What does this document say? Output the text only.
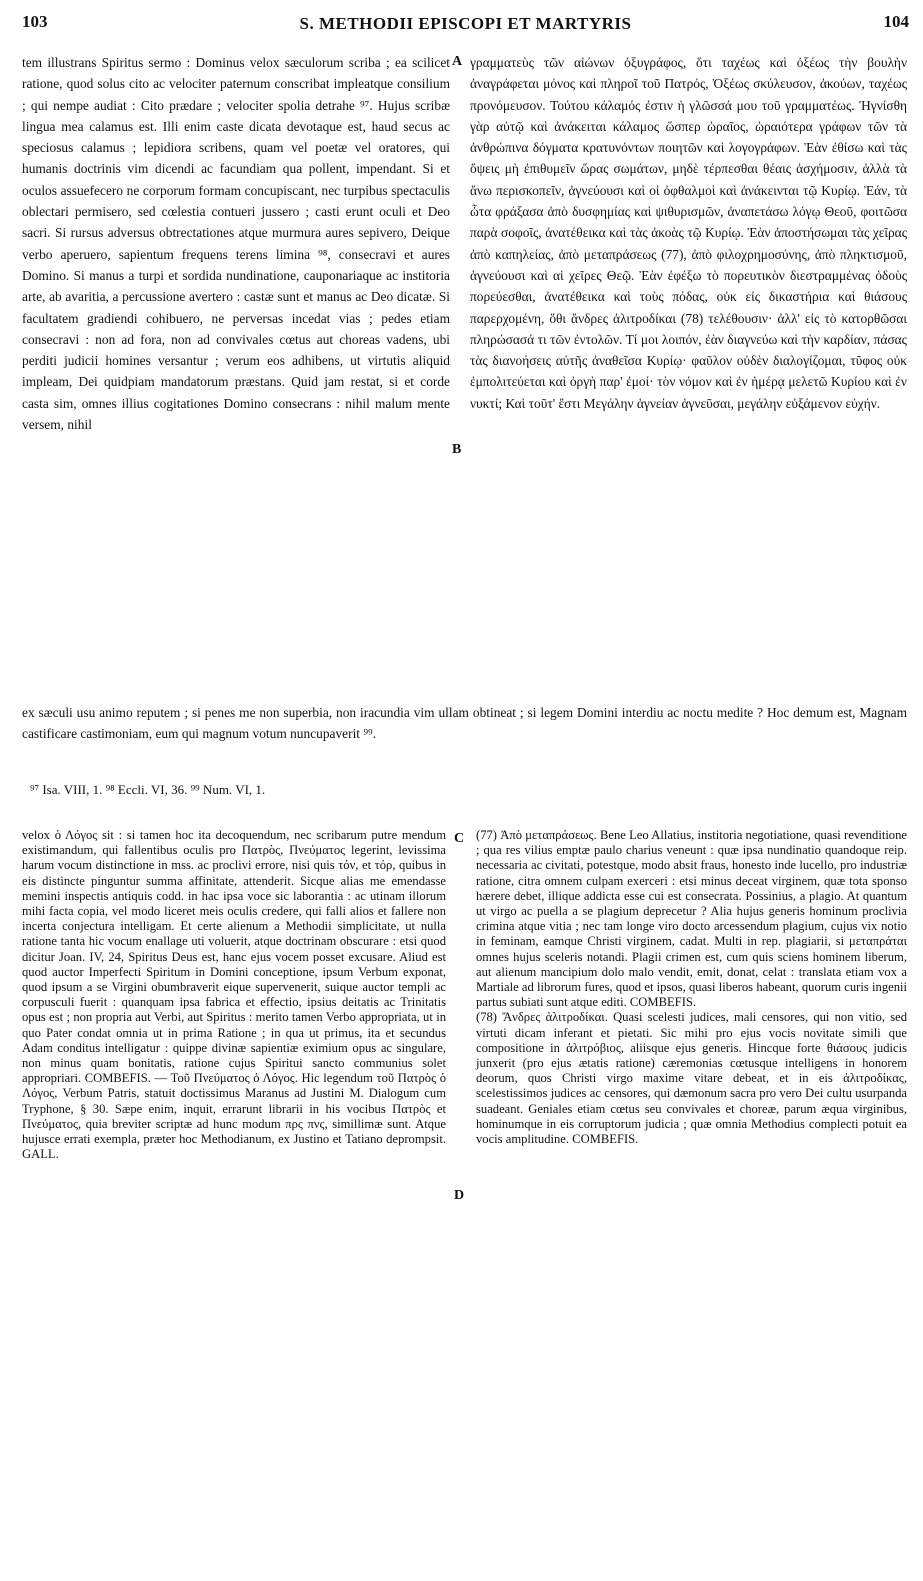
103	S. METHODII EPISCOPI ET MARTYRIS	104

tem illustrans Spiritus sermo : Dominus velox sæculorum scriba ; ea scilicet ratione, quod solus cito ac velociter paternum conscribat impleatque consilium ; qui nempe audiat : Cito prædare ; velociter spolia detrahe ⁹⁷. Hujus scribæ lingua mea calamus est. Illi enim caste dicata devotaque est, haud secus ac speciosus calamus ; lepidiora scribens, quam vel poetæ vel oratores, qui humanis doctrinis vim dicendi ac facundiam qua pollent, impendant. Si et oculos assuefecero ne corporum formam concupiscant, nec turpibus spectaculis oblectari permisero, sed cœlestia contueri jussero ; casti erunt oculi et Deo sacri. Si rursus adversus obtrectationes atque murmura aures sepivero, Deique verbo aperuero, sapientum frequens terens limina ⁹⁸, consecravi et aures Domino. Si manus a turpi et sordida nundinatione, cauponariaque ac institoria arte, ab avaritia, a percussione avertero : castæ sunt et manus ac Deo dicatæ. Si facultatem gradiendi cohibuero, ne perversas incedat vias ; pedes etiam consecravi : non ad fora, non ad convivales cœtus aut choreas vadens, ubi perditi judicii homines versantur ; verum eos adhibens, ut virtutis aliquid impleam, Dei quidpiam mandatorum præstans. Quid jam restat, si et corde casta sim, omnes illius cogitationes Domino consecrans : nihil malum mente versem, nihil

A
B

γραμματεὺς τῶν αἰώνων ὀξυγράφος, ὅτι ταχέως καὶ ὀξέως τὴν βουλὴν ἀναγράφεται μόνος καὶ πληροῖ τοῦ Πατρός, Ὀξέως σκύλευσον, ἀκούων, ταχέως προνόμευσον. Τούτου κάλαμός ἐστιν ἡ γλῶσσά μου τοῦ γραμματέως. Ἡγνίσθη γὰρ αὐτῷ καὶ ἀνάκειται κάλαμος ὥσπερ ὡραῖος, ὡραιότερα γράφων τῶν τὰ ἀνθρώπινα δόγματα κρατυνόντων ποιητῶν καὶ λογογράφων. Ἐὰν ἐθίσω καὶ τὰς ὄψεις μὴ ἐπιθυμεῖν ὥρας σωμάτων, μηδὲ τέρπεσθαι θέαις ἀσχήμοσιν, ἀλλὰ τὰ ἄνω περισκοπεῖν, ἁγνεύουσι καὶ οἱ ὀφθαλμοὶ καὶ ἀνάκεινται τῷ Κυρίῳ. Ἐάν, τὰ ὦτα φράξασα ἀπὸ δυσφημίας καὶ ψιθυρισμῶν, ἀναπετάσω λόγῳ Θεοῦ, φοιτῶσα παρὰ σοφοῖς, ἀνατέθεικα καὶ τὰς ἀκοὰς τῷ Κυρίῳ. Ἐὰν ἀποστήσωμαι τὰς χεῖρας ἀπὸ καπηλείας, ἀπὸ μεταπράσεως (77), ἀπὸ φιλοχρημοσύνης, ἀπὸ πληκτισμοῦ, ἁγνεύουσι καὶ αἱ χεῖρες Θεῷ. Ἐὰν ἐφέξω τὸ πορευτικὸν διεστραμμένας ὁδοὺς πορεύεσθαι, ἀνατέθεικα καὶ τοὺς πόδας, οὐκ εἰς δικαστήρια καὶ θιάσους παρερχομένη, ὅθι ἄνδρες ἀλιτροδίκαι (78) τελέθουσιν· ἀλλ' εἰς τὸ κατορθῶσαι πληρώσασά τι τῶν ἐντολῶν. Τί μοι λοιπόν, ἐὰν διαγνεύω καὶ τὴν καρδίαν, πάσας τὰς διανοήσεις αὐτῆς ἀναθεῖσα Κυρίῳ· φαῦλον οὐδὲν διαλογίζομαι, τῦφος οὐκ ἐμπολιτεύεται καὶ ὀργὴ παρ' ἐμοί· τὸν νόμον καὶ ἐν ἡμέρᾳ μελετῶ Κυρίου καὶ ἐν νυκτί; Καὶ τοῦτ' ἔστι Μεγάλην ἁγνείαν ἁγνεῦσαι, μεγάλην εὐξάμενον εὐχήν.

ex sæculi usu animo reputem ; si penes me non superbia, non iracundia vim ullam obtineat ; si legem Domini interdiu ac noctu medite ? Hoc demum est, Magnam castificare castimoniam, eum qui magnum votum nuncupaverit ⁹⁹.

⁹⁷ Isa. VIII, 1. ⁹⁸ Eccli. VI, 36. ⁹⁹ Num. VI, 1.

velox ὁ Λόγος sit : si tamen hoc ita decoquendum, nec scribarum putre mendum existimandum, qui fallentibus oculis pro Πατρὸς, Πνεύματος legerint, levissima harum vocum distinctione in mss. ac proclivi errore, nisi quis τόν, et τόρ, quibus in eis distincte pinguntur summa affinitate, attenderit. Sicque alias me emendasse memini inspectis antiquis codd. in hac ipsa voce sic laborantia : ac utinam illorum mihi facta copia, vel modo liceret meis oculis credere, qui falli alios et fallere non incerta conjectura intelligam. Et certe alienum a Methodii simplicitate, ut nulla ratione tanta hic vocum enallage uti voluerit, atque doctrinam obscurare : etsi quod dicitur Joan. IV, 24, Spiritus Deus est, hanc ejus vocem posset excusare. Aliud est quod auctor Imperfecti Spiritum in Domini conceptione, ipsum Verbum exponat, quod ipsum a se Virgini obumbraverit eique supervenerit, suique auctor templi ac corpusculi fuerit : quanquam ipsa fabrica et effectio, ipsius deitatis ac Trinitatis opus est ; non propria aut Verbi, aut Spiritus : merito tamen Verbo appropriata, ut in quo Pater condat omnia ut in prima Ratione ; in qua ut primus, ita et secundus Adam conditus intelligatur : quippe divinæ sapientiæ eximium opus ac singulare, non minus quam bonitatis, ratione cujus Spiritui sancto communius solet appropriari. COMBEFIS. — Τοῦ Πνεύματος ὁ Λόγος. Hic legendum τοῦ Πατρὸς ὁ Λόγος, Verbum Patris, statuit doctissimus Maranus ad Justini M. Dialogum cum Tryphone, § 30. Sæpe enim, inquit, errarunt librarii in his vocibus Πατρὸς et Πνεύματος, quia breviter scriptæ ad hunc modum πρς πνς, simillimæ sunt. Atque hujusce errati exempla, præter hoc Methodianum, ex Justino et Tatiano deprompsit. GALL.

C
D

(77) Ἀπὸ μεταπράσεως. Bene Leo Allatius, institoria negotiatione, quasi revenditione ; qua res vilius emptæ paulo charius veneunt : quæ ipsa nundinatio quandoque reip. necessaria ac civitati, potestque, modo absit fraus, honesto inde lucello, pro industriæ ratione, citra omnem culpam exerceri : etsi minus deceat virginem, quæ tota sponso hærere debet, illique addicta esse cui est consecrata. Possinius, a plagio. At quantum ut virgo ac puella a se plagium deprecetur ? Alia hujus generis hominum proclivia crimina atque vitia ; nec tam longe viro docto arcessendum plagium, cujus vix notio in feminam, eamque Christi virginem, cadat. Multi in rep. plagiarii, si μεταπράται omnes hujus sceleris notandi. Plagii crimen est, cum quis sciens hominem liberum, aut alienum mancipium dolo malo vendit, emit, donat, celat : translata etiam vox a Martiale ad librorum fures, quod et ipsos, quasi liberos habeant, quorum curis ingenii partus subiati sunt atque editi. COMBEFIS.

(78) Ἄνδρες ἀλιτροδίκαι. Quasi scelesti judices, mali censores, qui non vitio, sed virtuti dicam inferant et pietati. Sic mihi pro ejus vocis novitate simili que compositione in ἀλιτρόβιος, aliisque ejus generis. Hincque forte θιάσους judicis junxerit (pro ejus ætatis ratione) cæremonias cœtusque intelligens in honorem deorum, quos Christi virgo maxime vitare debeat, et in eis ἀλιτροδίκας, scelestissimos judices ac censores, qui dæmonum sacra pro vero Dei cultu usurpanda suadeant. Geniales etiam cœtus seu convivales et choreæ, parum æqua virginibus, hominumque in eis corruptorum judicia ; quæ omnia Methodius complecti potuit ea vocis amplitudine. COMBEFIS.
